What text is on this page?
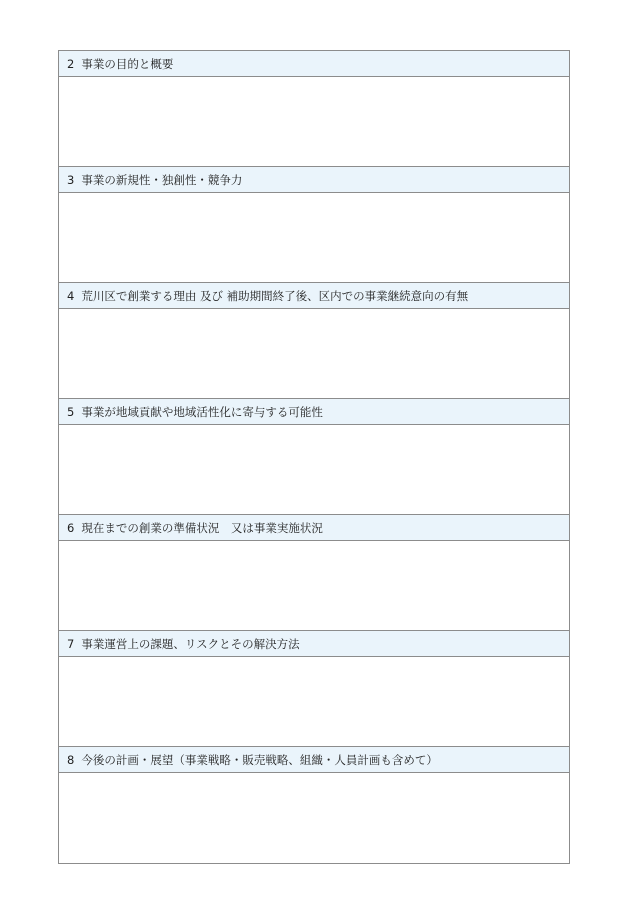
2 事業の目的と概要
3 事業の新規性・独創性・競争力
4 荒川区で創業する理由 及び 補助期間終了後、区内での事業継続意向の有無
5 事業が地域貢献や地域活性化に寄与する可能性
6 現在までの創業の準備状況　又は事業実施状況
7 事業運営上の課題、リスクとその解決方法
8 今後の計画・展望（事業戦略・販売戦略、組織・人員計画も含めて）
